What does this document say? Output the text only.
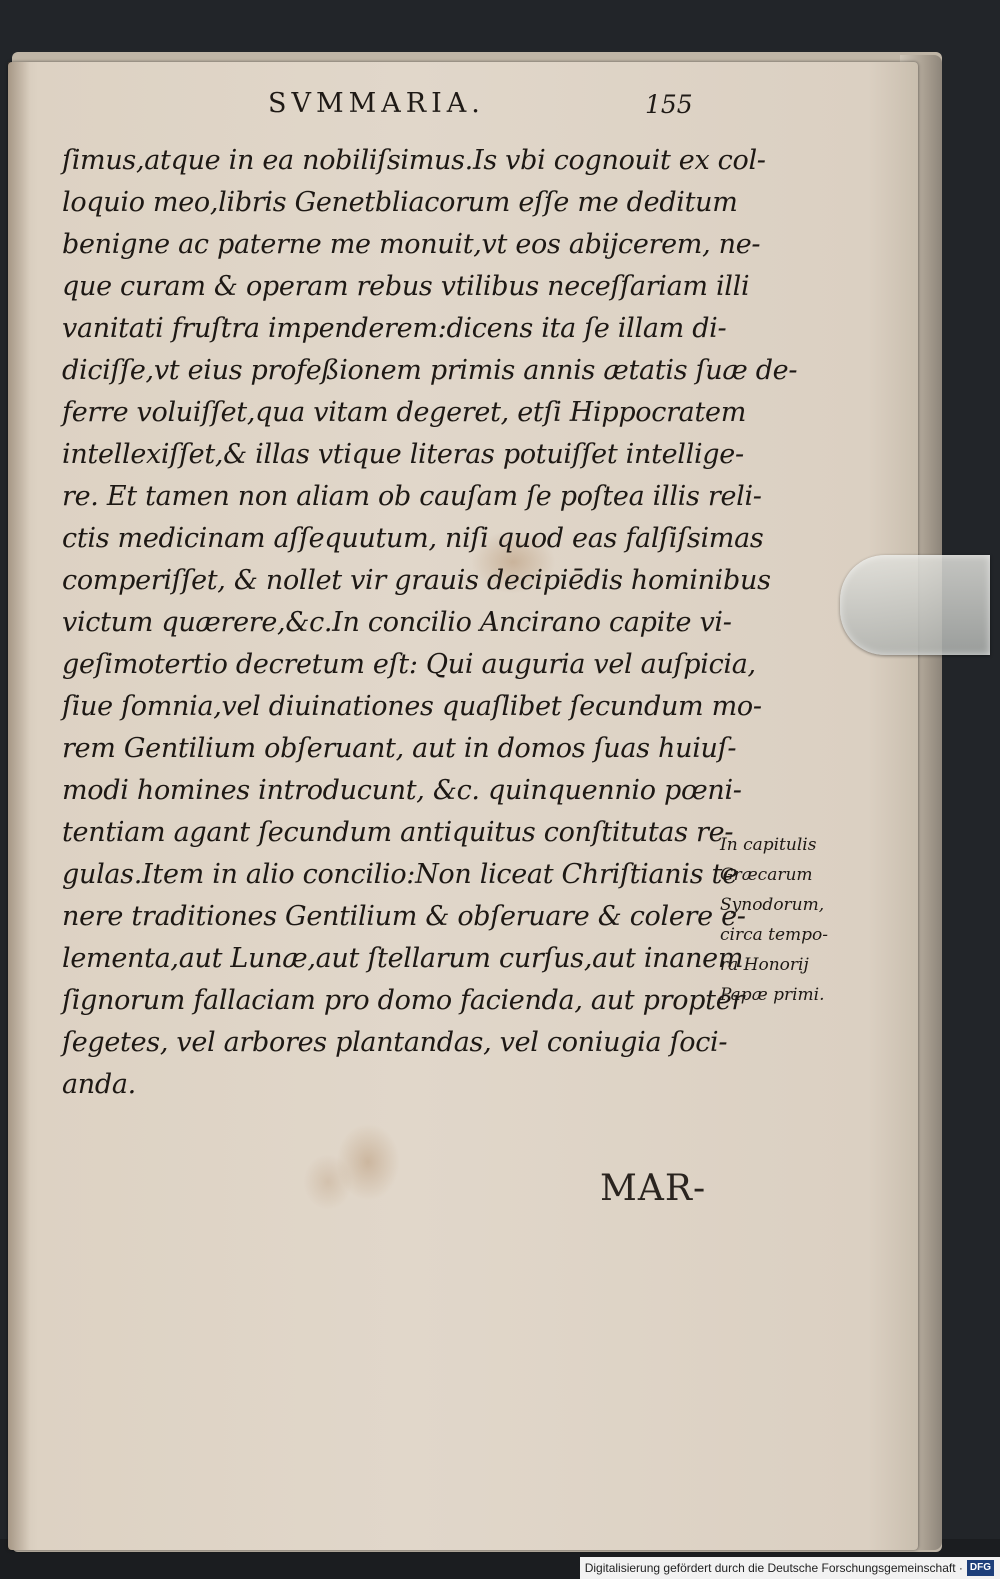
SVMMARIA.	155
ſimus,atque in ea nobiliſsimus.Is vbi cognouit ex col-
loquio meo,libris Genetbliacorum eſſe me deditum
benigne ac paterne me monuit,vt eos abijcerem, ne-
que curam & operam rebus vtilibus neceſſariam illi
vanitati fruſtra impenderem:dicens ita ſe illam di-
diciſſe,vt eius profeßionem primis annis ætatis ſuæ de-
ferre voluiſſet,qua vitam degeret, etſi Hippocratem
intellexiſſet,& illas vtique literas potuiſſet intellige-
re. Et tamen non aliam ob cauſam ſe poſtea illis reli-
ctis medicinam aſſequutum, niſi quod eas falſiſsimas
comperiſſet, & nollet vir grauis decipiēdis hominibus
victum quærere,&c.In concilio Ancirano capite vi-
geſimotertio decretum eſt: Qui auguria vel auſpicia,
ſiue ſomnia,vel diuinationes quaſlibet ſecundum mo-
rem Gentilium obſeruant, aut in domos ſuas huiuſ-
modi homines introducunt, &c. quinquennio pœni-
tentiam agant ſecundum antiquitus conſtitutas re-
gulas.Item in alio concilio:Non liceat Chriſtianis te
nere traditiones Gentilium & obſeruare & colere e-
lementa,aut Lunæ,aut ſtellarum curſus,aut inanem
ſignorum fallaciam pro domo facienda, aut propter
ſegetes, vel arbores plantandas, vel coniugia ſoci-
anda.
In capitulis
Græcarum
Synodorum,
circa tempo-
ra Honorij
Papæ primi.
MAR-
Digitalisierung gefördert durch die Deutsche Forschungsgemeinschaft · DFG
